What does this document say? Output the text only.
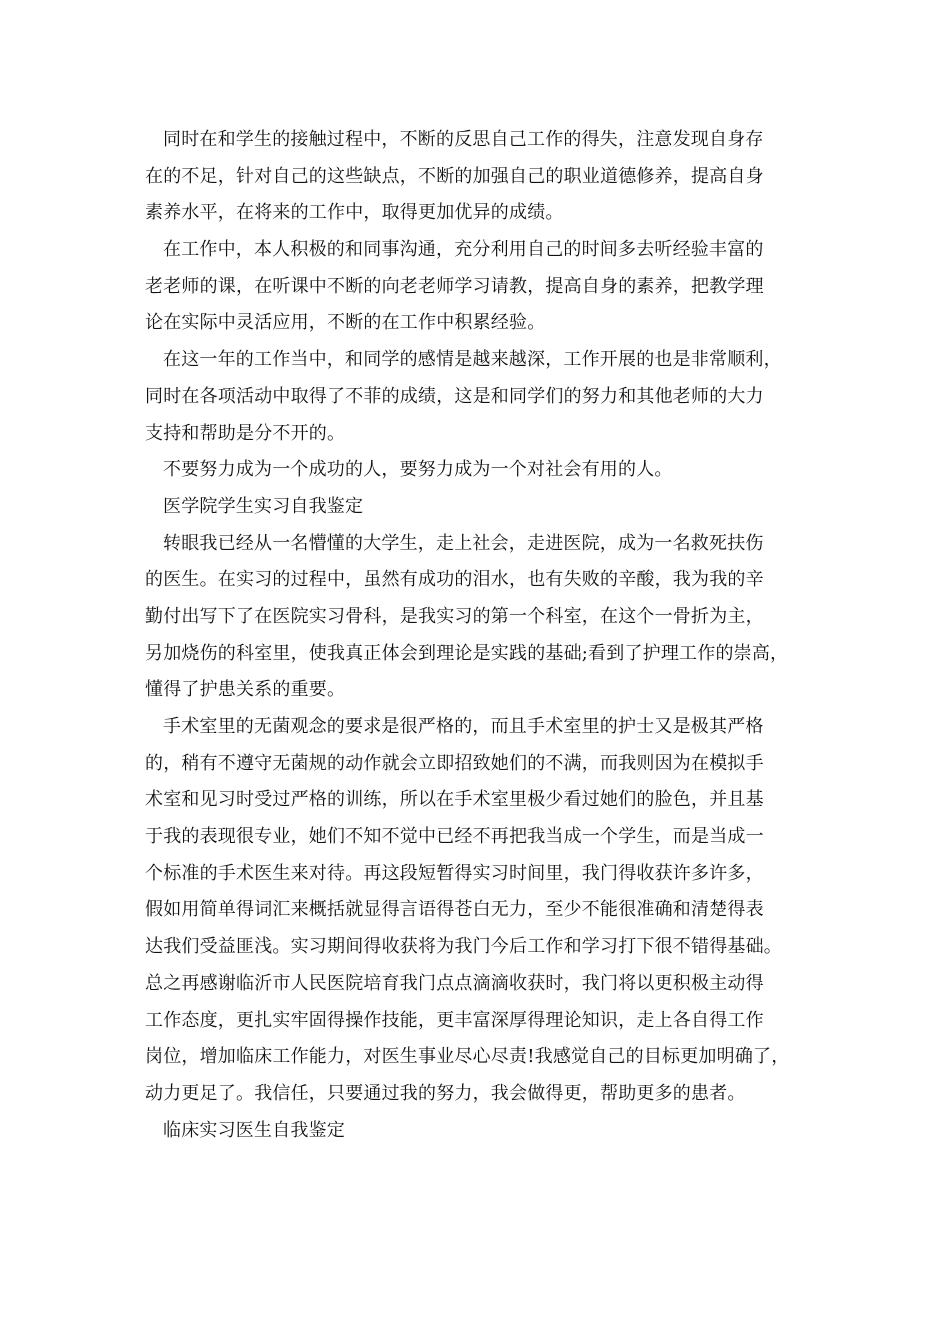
同时在和学生的接触过程中，不断的反思自己工作的得失，注意发现自身存
在的不足，针对自己的这些缺点，不断的加强自己的职业道德修养，提高自身
素养水平，在将来的工作中，取得更加优异的成绩。
在工作中，本人积极的和同事沟通，充分利用自己的时间多去听经验丰富的
老老师的课，在听课中不断的向老老师学习请教，提高自身的素养，把教学理
论在实际中灵活应用，不断的在工作中积累经验。
在这一年的工作当中，和同学的感情是越来越深，工作开展的也是非常顺利，
同时在各项活动中取得了不菲的成绩，这是和同学们的努力和其他老师的大力
支持和帮助是分不开的。
不要努力成为一个成功的人，要努力成为一个对社会有用的人。
医学院学生实习自我鉴定
转眼我已经从一名懵懂的大学生，走上社会，走进医院，成为一名救死扶伤
的医生。在实习的过程中，虽然有成功的泪水，也有失败的辛酸，我为我的辛
勤付出写下了在医院实习骨科，是我实习的第一个科室，在这个一骨折为主，
另加烧伤的科室里，使我真正体会到理论是实践的基础;看到了护理工作的崇高，
懂得了护患关系的重要。
手术室里的无菌观念的要求是很严格的，而且手术室里的护士又是极其严格
的，稍有不遵守无菌规的动作就会立即招致她们的不满，而我则因为在模拟手
术室和见习时受过严格的训练，所以在手术室里极少看过她们的脸色，并且基
于我的表现很专业，她们不知不觉中已经不再把我当成一个学生，而是当成一
个标准的手术医生来对待。再这段短暂得实习时间里，我门得收获许多许多，
假如用简单得词汇来概括就显得言语得苍白无力，至少不能很准确和清楚得表
达我们受益匪浅。实习期间得收获将为我门今后工作和学习打下很不错得基础。
总之再感谢临沂市人民医院培育我门点点滴滴收获时，我门将以更积极主动得
工作态度，更扎实牢固得操作技能，更丰富深厚得理论知识，走上各自得工作
岗位，增加临床工作能力，对医生事业尽心尽责!我感觉自己的目标更加明确了，
动力更足了。我信任，只要通过我的努力，我会做得更，帮助更多的患者。
临床实习医生自我鉴定
